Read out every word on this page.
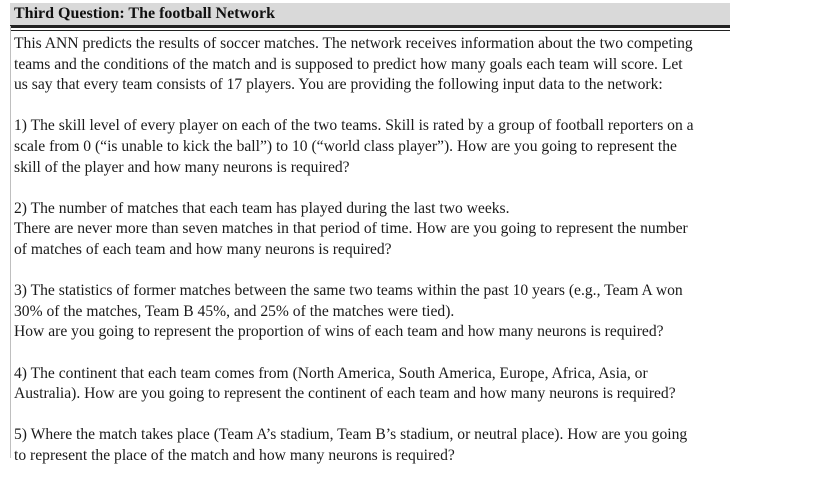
Third Question: The football Network

This ANN predicts the results of soccer matches. The network receives information about the two competing
teams and the conditions of the match and is supposed to predict how many goals each team will score. Let
us say that every team consists of 17 players. You are providing the following input data to the network:

1) The skill level of every player on each of the two teams. Skill is rated by a group of football reporters on a
scale from 0 (“is unable to kick the ball”) to 10 (“world class player”). How are you going to represent the
skill of the player and how many neurons is required?

2) The number of matches that each team has played during the last two weeks.
There are never more than seven matches in that period of time. How are you going to represent the number
of matches of each team and how many neurons is required?

3) The statistics of former matches between the same two teams within the past 10 years (e.g., Team A won
30% of the matches, Team B 45%, and 25% of the matches were tied).
How are you going to represent the proportion of wins of each team and how many neurons is required?

4) The continent that each team comes from (North America, South America, Europe, Africa, Asia, or
Australia). How are you going to represent the continent of each team and how many neurons is required?

5) Where the match takes place (Team A’s stadium, Team B’s stadium, or neutral place). How are you going
to represent the place of the match and how many neurons is required?
